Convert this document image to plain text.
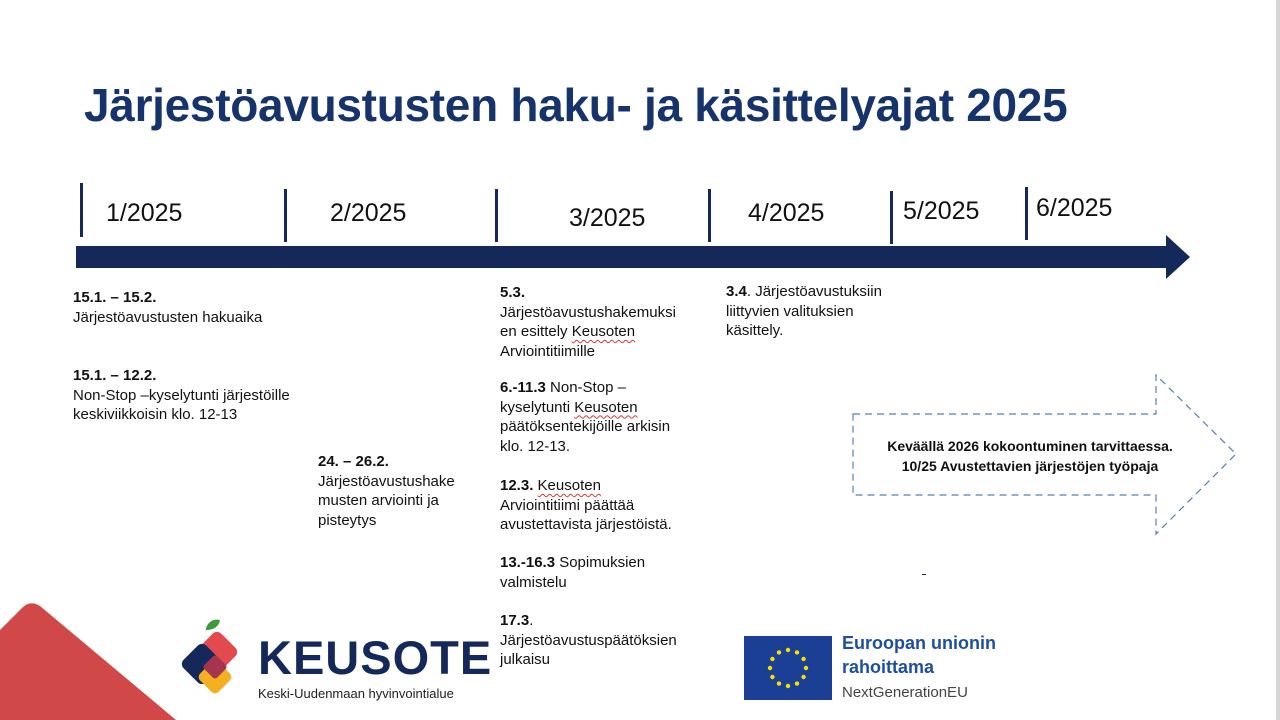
Järjestöavustusten haku- ja käsittelyajat 2025
1/2025	2/2025	3/2025	4/2025	5/2025 6/2025
15.1. – 15.2.
Järjestöavustusten hakuaika
15.1. – 12.2.
Non-Stop –kyselytunti järjestöille
keskiviikkoisin klo. 12-13
24. – 26.2.
Järjestöavustushake
musten arviointi ja
pisteytys
5.3.
Järjestöavustushakemuksi
en esittely Keusoten
Arviointitiimille
6.-11.3 Non-Stop –
kyselytunti Keusoten
päätöksentekijöille arkisin
klo. 12-13.
12.3. Keusoten
Arviointitiimi päättää
avustettavista järjestöistä.
13.-16.3 Sopimuksien
valmistelu
17.3.
Järjestöavustuspäätöksien
julkaisu
3.4. Järjestöavustuksiin
liittyvien valituksien
käsittely.
Keväällä 2026 kokoontuminen tarvittaessa.
10/25 Avustettavien järjestöjen työpaja
KEUSOTE
Keski-Uudenmaan hyvinvointialue
Euroopan unionin
rahoittama
NextGenerationEU
